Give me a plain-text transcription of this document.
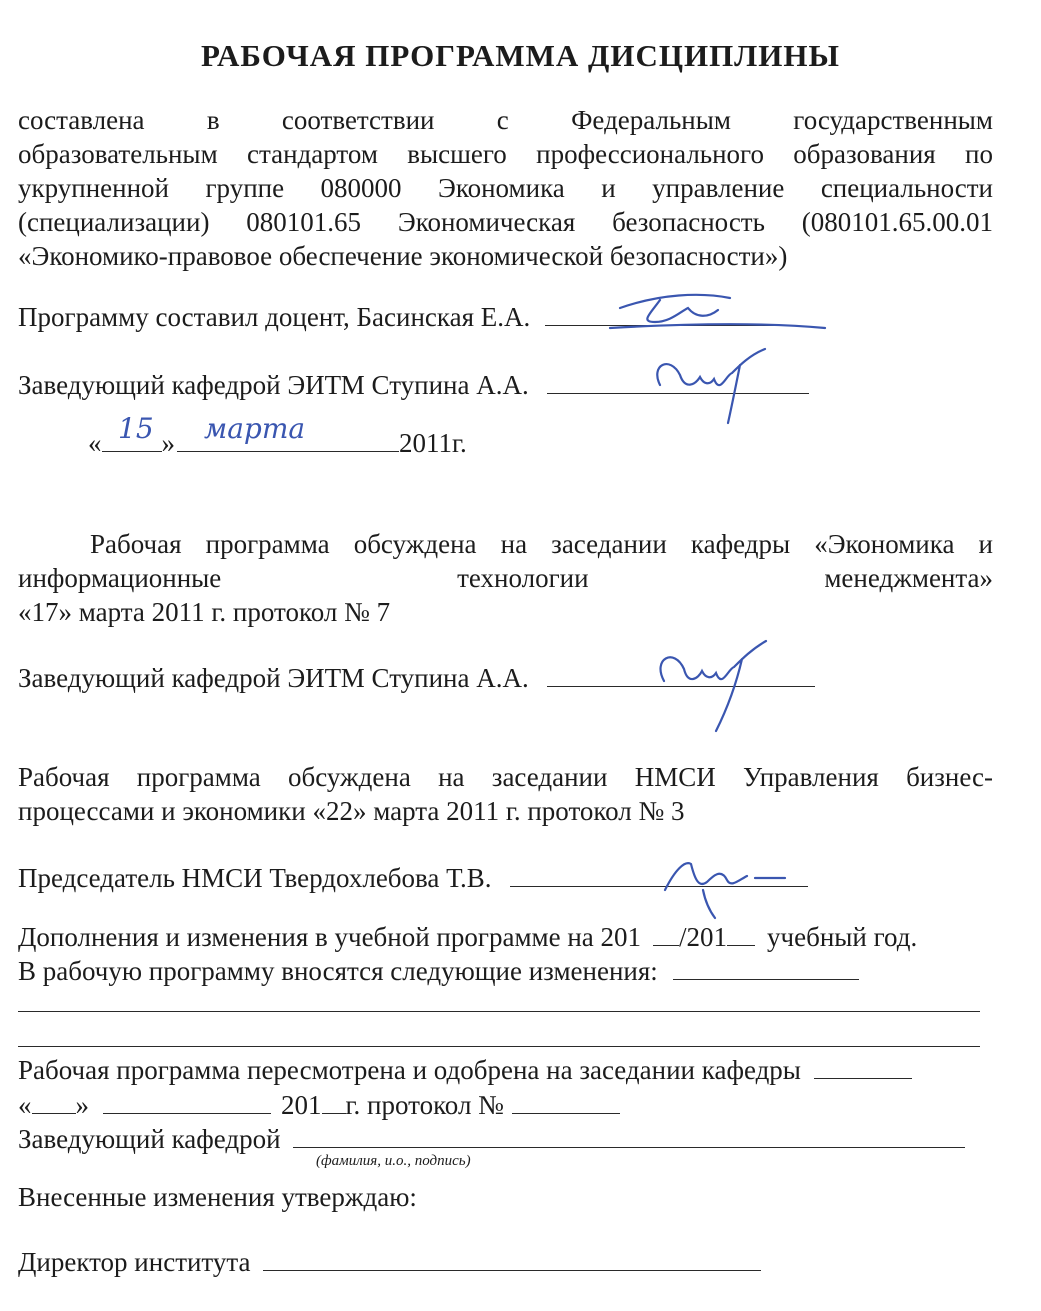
РАБОЧАЯ ПРОГРАММА ДИСЦИПЛИНЫ
составлена в соответствии с Федеральным государственным
образовательным стандартом высшего профессионального образования по
укрупненной группе 080000 Экономика и управление специальности
(специализации) 080101.65 Экономическая безопасность (080101.65.00.01
«Экономико-правовое обеспечение экономической безопасности»)
Программу составил доцент, Басинская Е.А.
Заведующий кафедрой ЭИТМ Ступина А.А.
« »	2011г.
15 марта
Рабочая программа обсуждена на заседании кафедры «Экономика и
информационные технологии менеджмента»
«17» марта 2011 г. протокол № 7
Заведующий кафедрой ЭИТМ Ступина А.А.
Рабочая программа обсуждена на заседании НМСИ Управления бизнес-
процессами и экономики «22» марта 2011 г. протокол № 3
Председатель НМСИ Твердохлебова Т.В.
Дополнения и изменения в учебной программе на 201 /201 учебный год.
В рабочую программу вносятся следующие изменения:
Рабочая программа пересмотрена и одобрена на заседании кафедры
« »	201 г. протокол №
Заведующий кафедрой
(фамилия, и.о., подпись)
Внесенные изменения утверждаю:
Директор института
